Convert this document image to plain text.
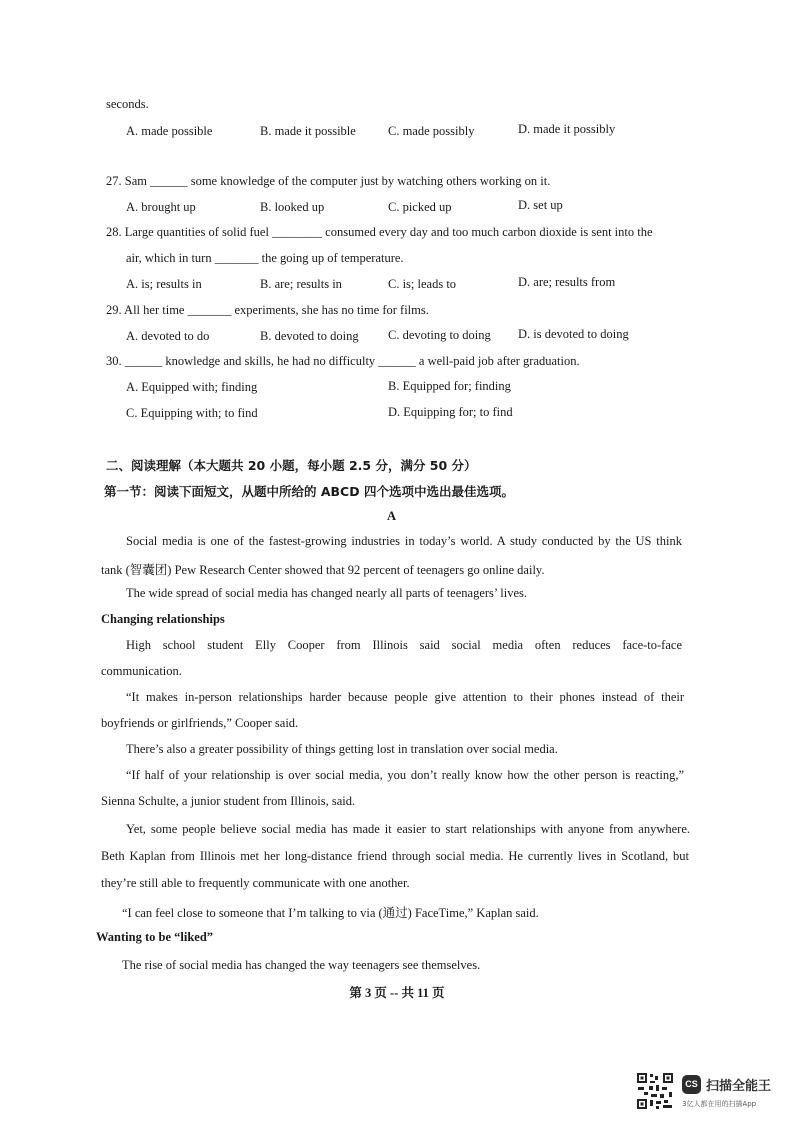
seconds.
A. made possible	B. made it possible	C. made possibly	D. made it possibly
27. Sam ______ some knowledge of the computer just by watching others working on it.
A. brought up	B. looked up	C. picked up	D. set up
28. Large quantities of solid fuel ________ consumed every day and too much carbon dioxide is sent into the
air, which in turn _______ the going up of temperature.
A. is; results in	B. are; results in	C. is; leads to	D. are; results from
29. All her time _______ experiments, she has no time for films.
A. devoted to do	B. devoted to doing C. devoting to doing D. is devoted to doing
30. ______ knowledge and skills, he had no difficulty ______ a well-paid job after graduation.
A. Equipped with; finding	B. Equipped for; finding
C. Equipping with; to find	D. Equipping for; to find
二、阅读理解（本大题共 20 小题，每小题 2.5 分，满分 50 分）
第一节：阅读下面短文，从题中所给的 ABCD 四个选项中选出最佳选项。
A
Social media is one of the fastest-growing industries in today’s world. A study conducted by the US think
tank (智囊团) Pew Research Center showed that 92 percent of teenagers go online daily.
The wide spread of social media has changed nearly all parts of teenagers’ lives.
Changing relationships
High school student Elly Cooper from Illinois said social media often reduces face-to-face
communication.
“It makes in-person relationships harder because people give attention to their phones instead of their
boyfriends or girlfriends,” Cooper said.
There’s also a greater possibility of things getting lost in translation over social media.
“If half of your relationship is over social media, you don’t really know how the other person is reacting,”
Sienna Schulte, a junior student from Illinois, said.
Yet, some people believe social media has made it easier to start relationships with anyone from anywhere.
Beth Kaplan from Illinois met her long-distance friend through social media. He currently lives in Scotland, but
they’re still able to frequently communicate with one another.
“I can feel close to someone that I’m talking to via (通过) FaceTime,” Kaplan said.
Wanting to be “liked”
The rise of social media has changed the way teenagers see themselves.
第 3 页 -- 共 11 页
CS 扫描全能王
3亿人都在用的扫描App
